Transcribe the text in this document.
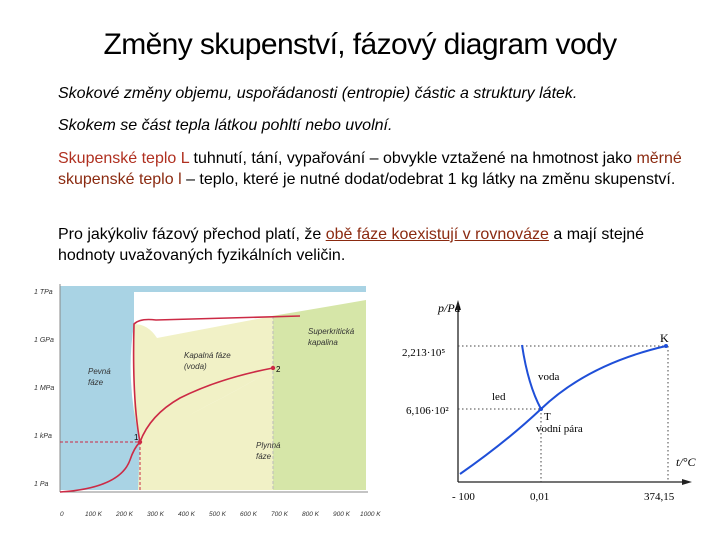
Změny skupenství, fázový diagram vody
Skokové změny objemu, uspořádanosti (entropie) částic a struktury látek.
Skokem se část tepla látkou pohltí nebo uvolní.
Skupenské teplo L tuhnutí, tání, vypařování – obvykle vztažené na hmotnost jako měrné skupenské teplo l – teplo, které je nutné dodat/odebrat 1 kg látky na změnu skupenství.
Pro jakýkoliv fázový přechod platí, že obě fáze koexistují v rovnováze a mají stejné hodnoty uvažovaných fyzikálních veličin.
1
2
1 TPa
1 GPa
1 MPa
1 kPa
1 Pa
0	100 K 200 K 300 K 400 K 500 K 600 K 700 K 800 K 900 K 1000 K
Pevná
fáze
Kapalná fáze
(voda)
Plynná
fáze
Superkritická
kapalina
p/Pa
t/°C
2,213·10⁵
6,106·10²
- 100	0,01	374,15
led
voda
vodní pára
K
T
